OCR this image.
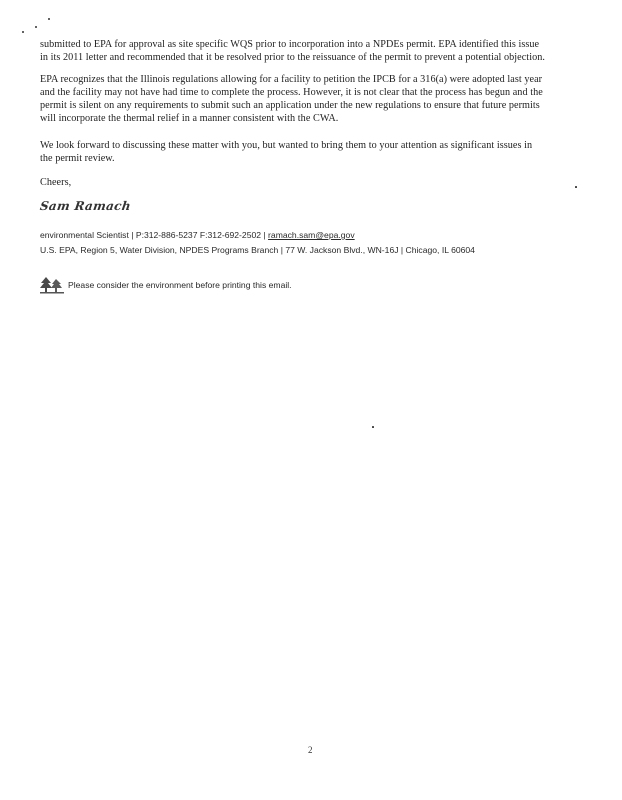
submitted to EPA for approval as site specific WQS prior to incorporation into a NPDEs permit. EPA identified this issue
in its 2011 letter and recommended that it be resolved prior to the reissuance of the permit to prevent a potential objection.
EPA recognizes that the Illinois regulations allowing for a facility to petition the IPCB for a 316(a) were adopted last year
and the facility may not have had time to complete the process. However, it is not clear that the process has begun and the
permit is silent on any requirements to submit such an application under the new regulations to ensure that future permits
will incorporate the thermal relief in a manner consistent with the CWA.
We look forward to discussing these matter with you, but wanted to bring them to your attention as significant issues in
the permit review.
Cheers,
Sam Ramach
environmental Scientist | P:312-886-5237 F:312-692-2502 | ramach.sam@epa.gov
U.S. EPA, Region 5, Water Division, NPDES Programs Branch | 77 W. Jackson Blvd., WN-16J | Chicago, IL 60604
Please consider the environment before printing this email.
2
